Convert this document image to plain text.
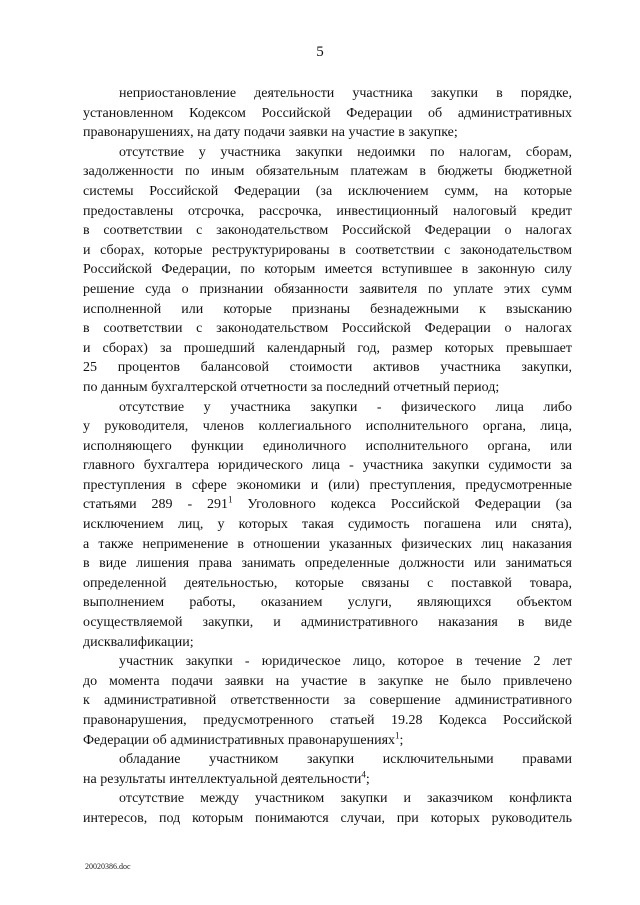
5
неприостановление деятельности участника закупки в порядке,
установленном Кодексом Российской Федерации об административных
правонарушениях, на дату подачи заявки на участие в закупке;
отсутствие у участника закупки недоимки по налогам, сборам,
задолженности по иным обязательным платежам в бюджеты бюджетной
системы Российской Федерации (за исключением сумм, на которые
предоставлены отсрочка, рассрочка, инвестиционный налоговый кредит
в соответствии с законодательством Российской Федерации о налогах
и сборах, которые реструктурированы в соответствии с законодательством
Российской Федерации, по которым имеется вступившее в законную силу
решение суда о признании обязанности заявителя по уплате этих сумм
исполненной или которые признаны безнадежными к взысканию
в соответствии с законодательством Российской Федерации о налогах
и сборах) за прошедший календарный год, размер которых превышает
25 процентов балансовой стоимости активов участника закупки,
по данным бухгалтерской отчетности за последний отчетный период;
отсутствие у участника закупки - физического лица либо
у руководителя, членов коллегиального исполнительного органа, лица,
исполняющего функции единоличного исполнительного органа, или
главного бухгалтера юридического лица - участника закупки судимости за
преступления в сфере экономики и (или) преступления, предусмотренные
статьями $289 - 291^1$ Уголовного кодекса Российской Федерации (за
исключением лиц, у которых такая судимость погашена или снята),
а также неприменение в отношении указанных физических лиц наказания
в виде лишения права занимать определенные должности или заниматься
определенной деятельностью, которые связаны с поставкой товара,
выполнением работы, оказанием услуги, являющихся объектом
осуществляемой закупки, и административного наказания в виде
дисквалификации;
участник закупки - юридическое лицо, которое в течение 2 лет
до момента подачи заявки на участие в закупке не было привлечено
к административной ответственности за совершение административного
правонарушения, предусмотренного статьей 19.28 Кодекса Российской
Федерации об административных правонарушениях$^1$;
обладание участником закупки исключительными правами
на результаты интеллектуальной деятельности$^4$;
отсутствие между участником закупки и заказчиком конфликта
интересов, под которым понимаются случаи, при которых руководитель
20020386.doc
